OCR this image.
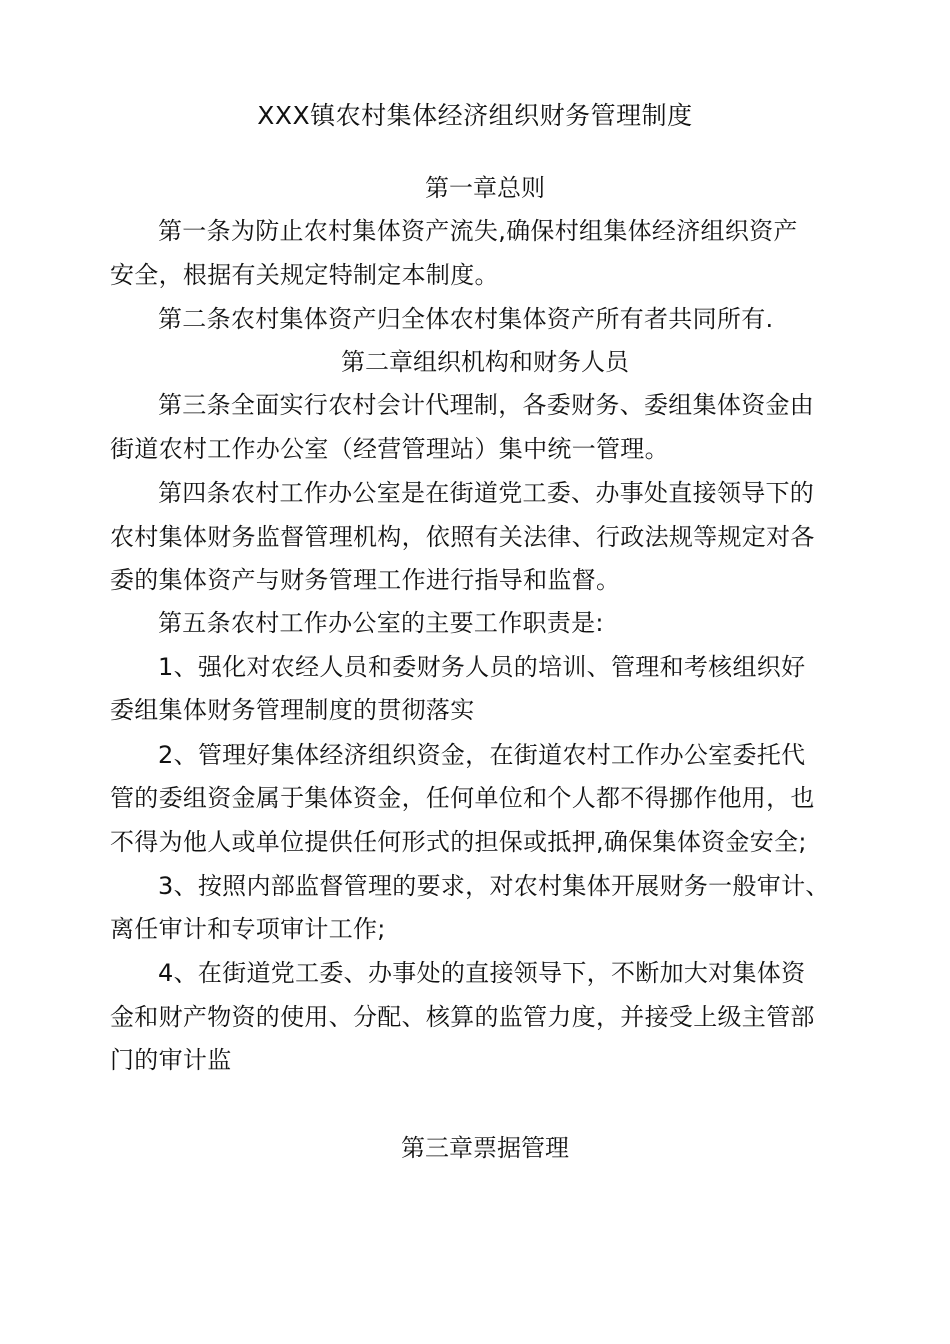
XXX镇农村集体经济组织财务管理制度
第一章总则
第一条为防止农村集体资产流失,确保村组集体经济组织资产
安全，根据有关规定特制定本制度。
第二条农村集体资产归全体农村集体资产所有者共同所有.
第二章组织机构和财务人员
第三条全面实行农村会计代理制，各委财务、委组集体资金由
街道农村工作办公室（经营管理站）集中统一管理。
第四条农村工作办公室是在街道党工委、办事处直接领导下的
农村集体财务监督管理机构，依照有关法律、行政法规等规定对各
委的集体资产与财务管理工作进行指导和监督。
第五条农村工作办公室的主要工作职责是:
1、强化对农经人员和委财务人员的培训、管理和考核组织好
委组集体财务管理制度的贯彻落实
2、管理好集体经济组织资金，在街道农村工作办公室委托代
管的委组资金属于集体资金，任何单位和个人都不得挪作他用，也
不得为他人或单位提供任何形式的担保或抵押,确保集体资金安全;
3、按照内部监督管理的要求，对农村集体开展财务一般审计、
离任审计和专项审计工作;
4、在街道党工委、办事处的直接领导下，不断加大对集体资
金和财产物资的使用、分配、核算的监管力度，并接受上级主管部
门的审计监
第三章票据管理
